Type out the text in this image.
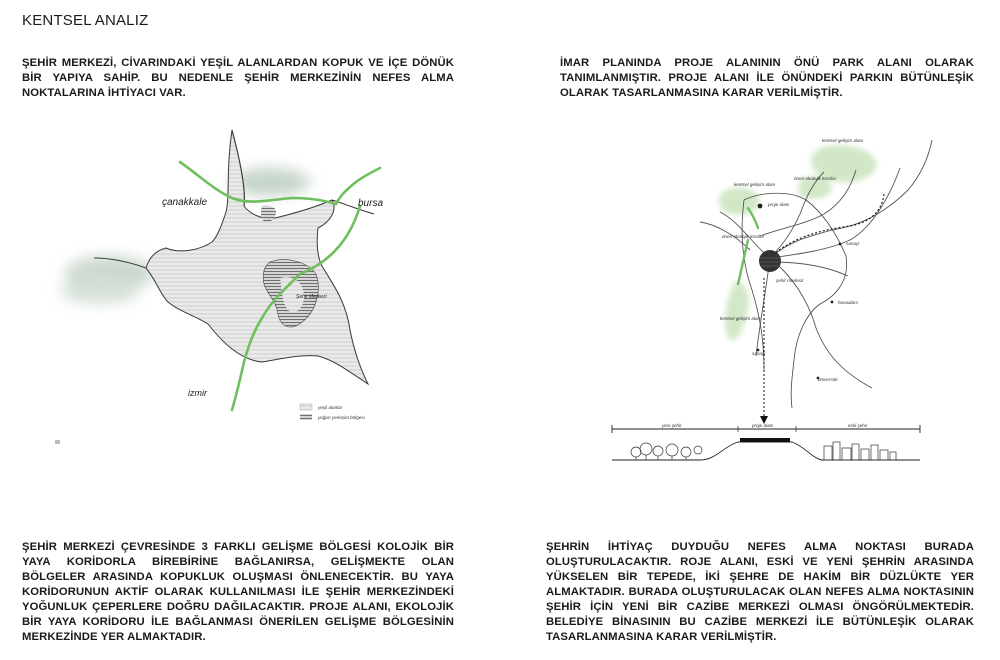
KENTSEL ANALIZ
ŞEHİR MERKEZİ, CİVARINDAKİ YEŞİL ALANLARDAN KOPUK VE İÇE DÖNÜK BİR YAPIYA SAHİP. BU NEDENLE ŞEHİR MERKEZİNİN NEFES ALMA NOKTALARINA İHTİYACI VAR.
İMAR PLANINDA PROJE ALANININ ÖNÜ PARK ALANI OLARAK TANIMLANMIŞTIR. PROJE ALANI İLE ÖNÜNDEKİ PARKIN BÜTÜNLEŞİK OLARAK TASARLANMASINA KARAR VERİLMİŞTİR.
ŞEHİR MERKEZİ ÇEVRESİNDE 3 FARKLI GELİŞME BÖLGESİ KOLOJİK BİR YAYA KORİDORLA BİREBİRİNE BAĞLANIRSA, GELİŞMEKTE OLAN BÖLGELER ARASINDA KOPUKLUK OLUŞMASI ÖNLENECEKTİR. BU YAYA KORİDORUNUN AKTİF OLARAK KULLANILMASI İLE ŞEHİR MERKEZİNDEKİ YOĞUNLUK ÇEPERLERE DOĞRU DAĞILACAKTIR. PROJE ALANI, EKOLOJİK BİR YAYA KORİDORU İLE BAĞLANMASI ÖNERİLEN GELİŞME BÖLGESİNİN MERKEZİNDE YER ALMAKTADIR.
ŞEHRİN İHTİYAÇ DUYDUĞU NEFES ALMA NOKTASI BURADA OLUŞTURULACAKTIR. ROJE ALANI, ESKİ VE YENİ ŞEHRİN ARASINDA YÜKSELEN BİR TEPEDE, İKİ ŞEHRE DE HAKİM BİR DÜZLÜKTE YER ALMAKTADIR. BURADA OLUŞTURULACAK OLAN NEFES ALMA NOKTASININ ŞEHİR İÇİN YENİ BİR CAZİBE MERKEZİ OLMASI ÖNGÖRÜLMEKTEDİR. BELEDİYE BİNASININ BU CAZİBE MERKEZİ İLE BÜTÜNLEŞİK OLARAK TASARLANMASINA KARAR VERİLMİŞTİR.
çanakkale	bursa
izmir
Şehir Merkezi
yeşil alanlar
yoğun yerleşim bölgesi
kentsel gelişim alanı
öneri ekolojik koridor
kentsel gelişim alanı
proje alanı
öneri ekolojik koridor
şehir merkezi
sanayi
havaalanı
kentsel gelişim alanı
sanayi
üniversite
yeni şehir	proje alanı	eski şehir
